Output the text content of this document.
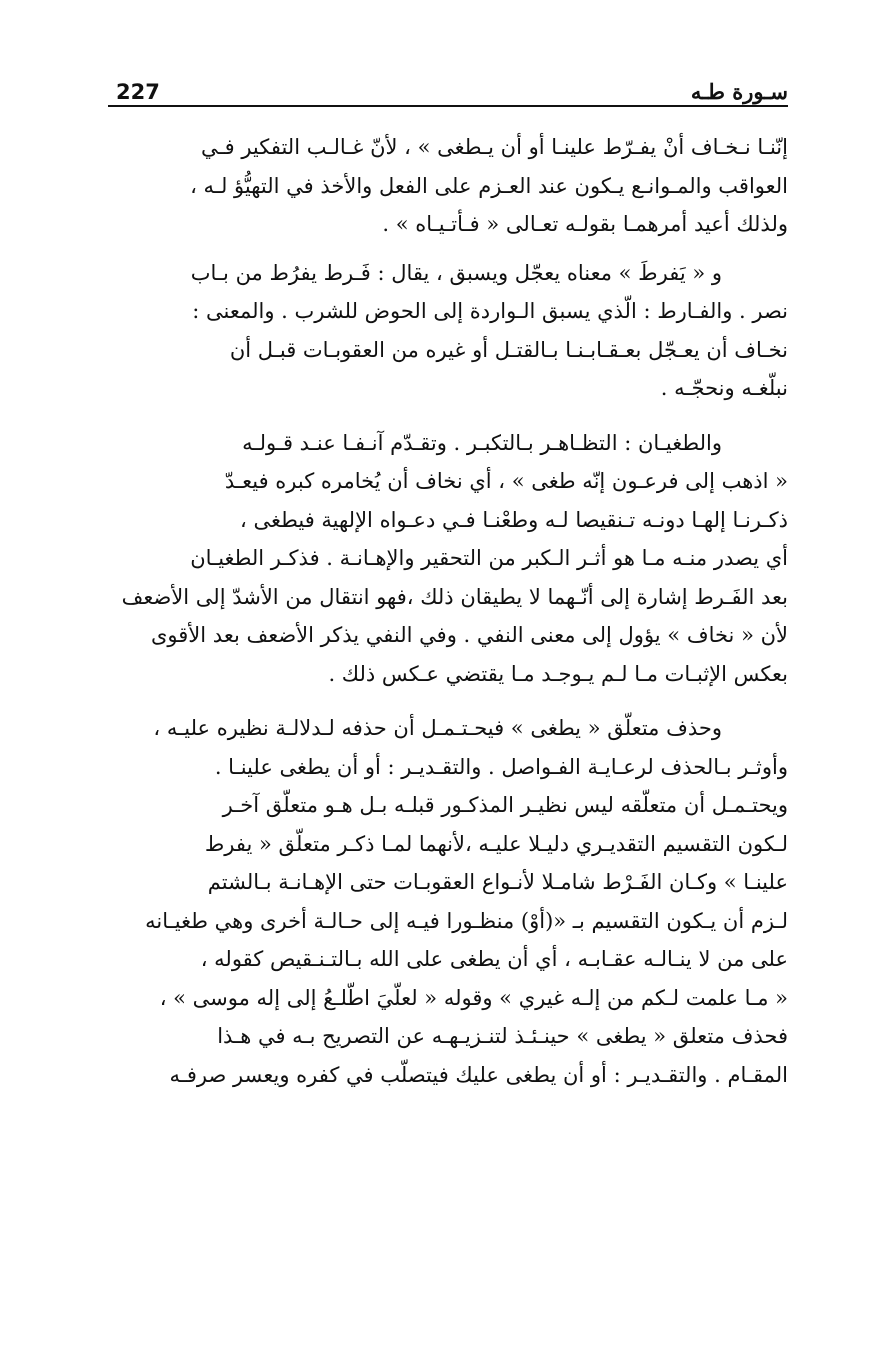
227	سـورة طـه
إنّنـا نـخـاف أنْ يفـرّط علينـا أو أن يـطغى » ، لأنّ غـالـب التفكير فـي
العواقب والمـوانـع يـكون عند العـزم على الفعل والأخذ في التهيُّؤ لـه ،
ولذلك أعيد أمرهمـا بقولـه تعـالى « فـأتـيـاه » .
و « يَفرطَ » معناه يعجّل ويسبق ، يقال : فَـرط يفرُط من بـاب
نصر . والفـارط : الّذي يسبق الـواردة إلى الحوض للشرب . والمعنى :
نخـاف أن يعـجّل بعـقـابـنـا بـالقتـل أو غيره من العقوبـات قبـل أن
نبلّغـه ونحجّـه .
والطغيـان : التظـاهـر بـالتكبـر . وتقـدّم آنـفـا عنـد قـولـه
« اذهب إلى فرعـون إنّه طغى » ، أي نخاف أن يُخامره كبره فيعـدّ
ذكـرنـا إلهـا دونـه تـنقيصا لـه وطعْنـا فـي دعـواه الإلهية فيطغى ،
أي يصدر منـه مـا هو أثـر الـكبر من التحقير والإهـانـة . فذكـر الطغيـان
بعد الفَـرط إشارة إلى أنّـهما لا يطيقان ذلك ،فهو انتقال من الأشدّ إلى الأضعف
لأن « نخاف » يؤول إلى معنى النفي . وفي النفي يذكر الأضعف بعد الأقوى
بعكس الإثبـات مـا لـم يـوجـد مـا يقتضي عـكس ذلك .
وحذف متعلّق « يطغى » فيحـتـمـل أن حذفه لـدلالـة نظيره عليـه ،
وأوثـر بـالحذف لرعـايـة الفـواصل . والتقـديـر : أو أن يطغى علينـا .
ويحتـمـل أن متعلّقه ليس نظيـر المذكـور قبلـه بـل هـو متعلّق آخـر
لـكون التقسيم التقديـري دليـلا عليـه ،لأنهما لمـا ذكـر متعلّق « يفرط
علينـا » وكـان الفَـرْط شامـلا لأنـواع العقوبـات حتى الإهـانـة بـالشتم
لـزم أن يـكون التقسيم بـ «(أوْ) منظـورا فيـه إلى حـالـة أخرى وهي طغيـانه
على من لا ينـالـه عقـابـه ، أي أن يطغى على الله بـالتـنـقيص كقوله ،
« مـا علمت لـكم من إلـه غيري » وقوله « لعلّيَ اطّلـعُ إلى إله موسى » ،
فحذف متعلق « يطغى » حينـئـذ لتنـزيـهـه عن التصريح بـه في هـذا
المقـام . والتقـديـر : أو أن يطغى عليك فيتصلّب في كفره ويعسر صرفـه
